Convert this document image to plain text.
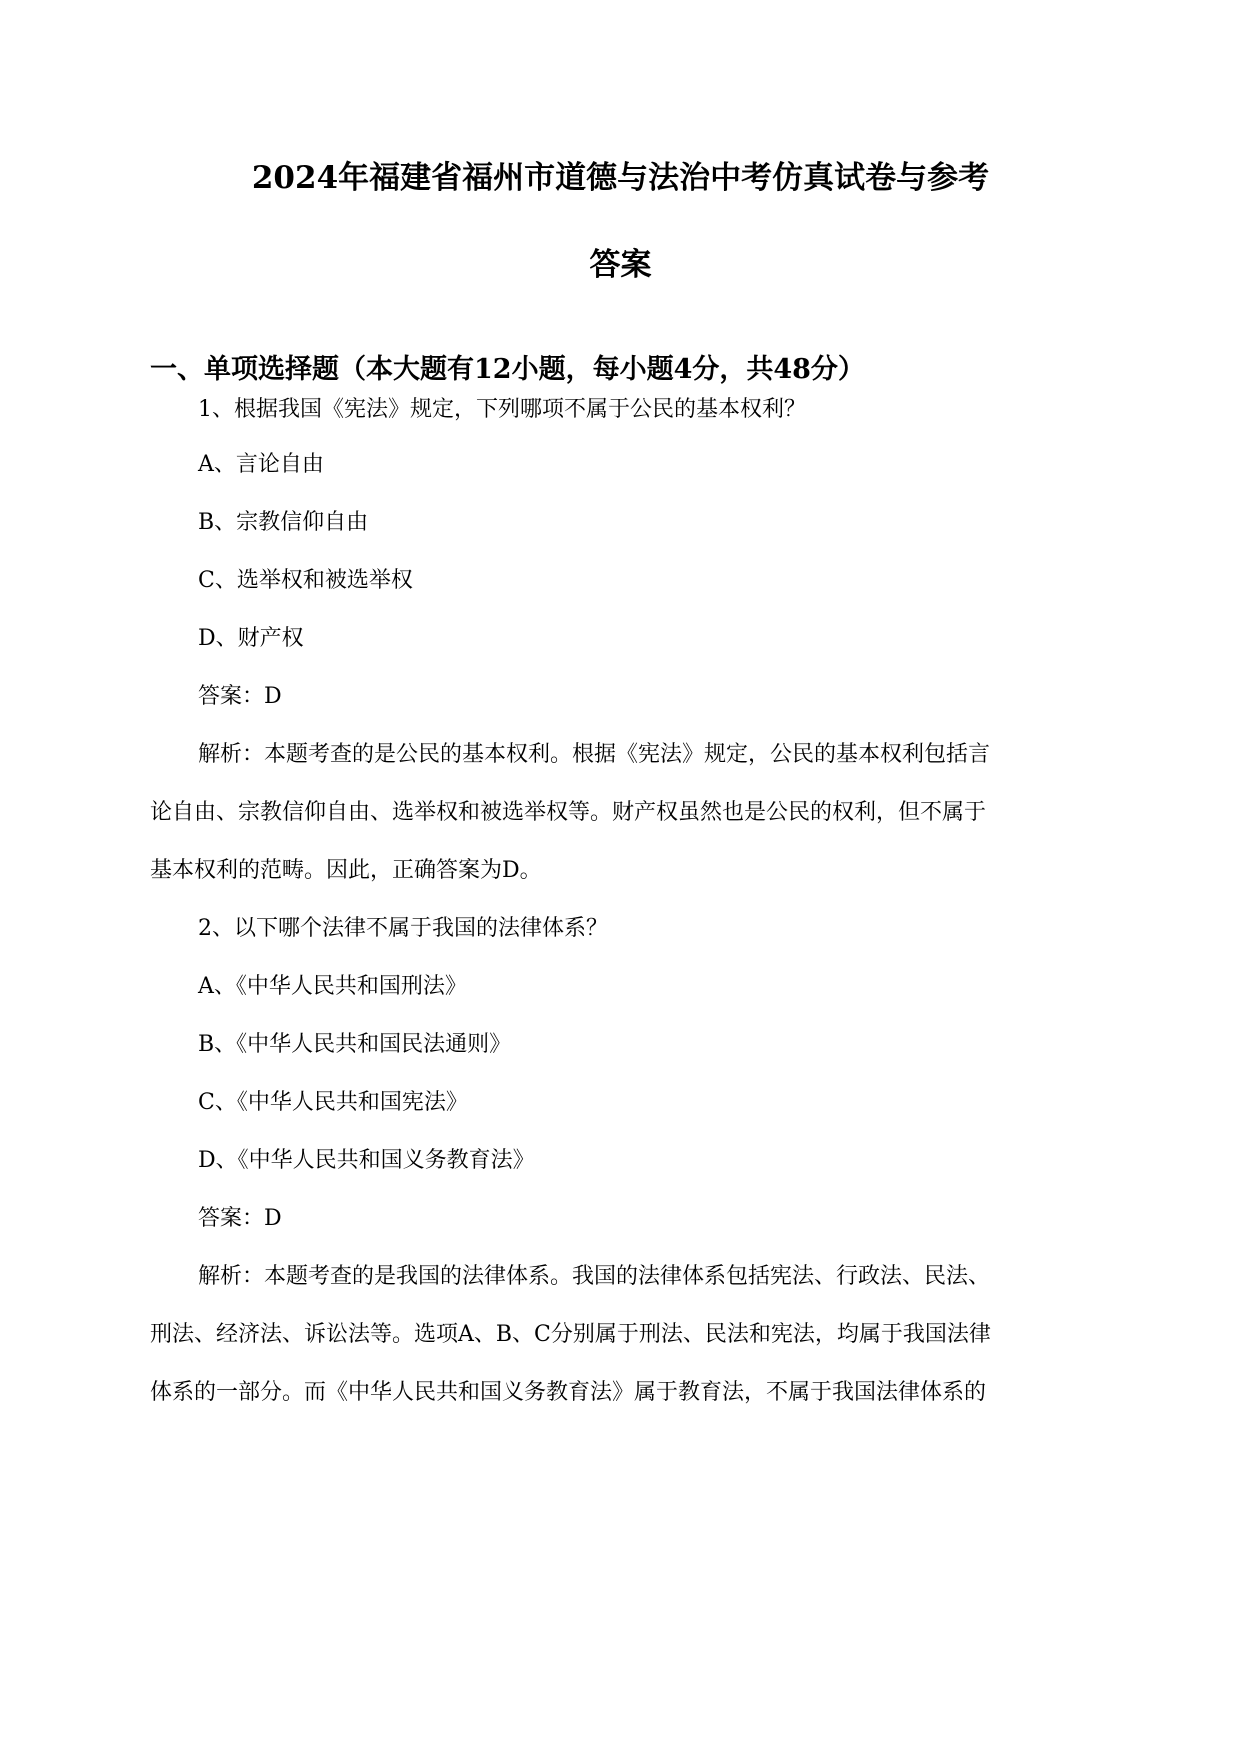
2024年福建省福州市道德与法治中考仿真试卷与参考
答案
一、单项选择题（本大题有12小题，每小题4分，共48分）
1、根据我国《宪法》规定，下列哪项不属于公民的基本权利？
A、言论自由
B、宗教信仰自由
C、选举权和被选举权
D、财产权
答案：D
解析：本题考查的是公民的基本权利。根据《宪法》规定，公民的基本权利包括言
论自由、宗教信仰自由、选举权和被选举权等。财产权虽然也是公民的权利，但不属于
基本权利的范畴。因此，正确答案为D。
2、以下哪个法律不属于我国的法律体系？
A、《中华人民共和国刑法》
B、《中华人民共和国民法通则》
C、《中华人民共和国宪法》
D、《中华人民共和国义务教育法》
答案：D
解析：本题考查的是我国的法律体系。我国的法律体系包括宪法、行政法、民法、
刑法、经济法、诉讼法等。选项A、B、C分别属于刑法、民法和宪法，均属于我国法律
体系的一部分。而《中华人民共和国义务教育法》属于教育法，不属于我国法律体系的
